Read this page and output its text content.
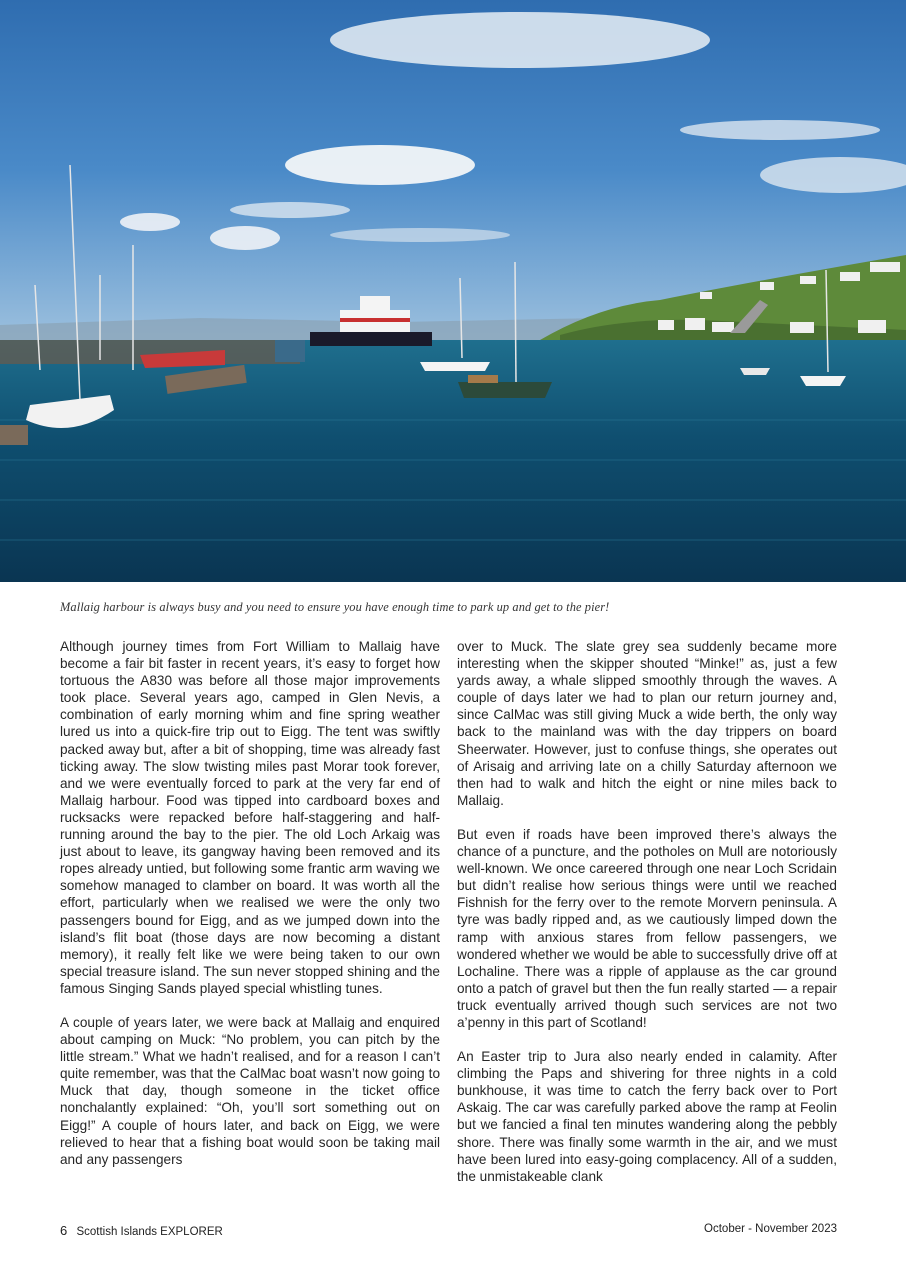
Mallaig harbour is always busy and you need to ensure you have enough time to park up and get to the pier!

Although journey times from Fort William to Mallaig have become a fair bit faster in recent years, it’s easy to forget how tortuous the A830 was before all those major improvements took place. Several years ago, camped in Glen Nevis, a combination of early morning whim and fine spring weather lured us into a quick-fire trip out to Eigg. The tent was swiftly packed away but, after a bit of shopping, time was already fast ticking away. The slow twisting miles past Morar took forever, and we were eventually forced to park at the very far end of Mallaig harbour. Food was tipped into cardboard boxes and rucksacks were repacked before half-staggering and half-running around the bay to the pier. The old Loch Arkaig was just about to leave, its gangway having been removed and its ropes already untied, but following some frantic arm waving we somehow managed to clamber on board. It was worth all the effort, particularly when we realised we were the only two passengers bound for Eigg, and as we jumped down into the island’s flit boat (those days are now becoming a distant memory), it really felt like we were being taken to our own special treasure island. The sun never stopped shining and the famous Singing Sands played special whistling tunes.

A couple of years later, we were back at Mallaig and enquired about camping on Muck: “No problem, you can pitch by the little stream.” What we hadn’t realised, and for a reason I can’t quite remember, was that the CalMac boat wasn’t now going to Muck that day, though someone in the ticket office nonchalantly explained: “Oh, you’ll sort something out on Eigg!” A couple of hours later, and back on Eigg, we were relieved to hear that a fishing boat would soon be taking mail and any passengers

over to Muck. The slate grey sea suddenly became more interesting when the skipper shouted “Minke!” as, just a few yards away, a whale slipped smoothly through the waves. A couple of days later we had to plan our return journey and, since CalMac was still giving Muck a wide berth, the only way back to the mainland was with the day trippers on board Sheerwater. However, just to confuse things, she operates out of Arisaig and arriving late on a chilly Saturday afternoon we then had to walk and hitch the eight or nine miles back to Mallaig.

But even if roads have been improved there’s always the chance of a puncture, and the potholes on Mull are notoriously well-known. We once careered through one near Loch Scridain but didn’t realise how serious things were until we reached Fishnish for the ferry over to the remote Morvern peninsula. A tyre was badly ripped and, as we cautiously limped down the ramp with anxious stares from fellow passengers, we wondered whether we would be able to successfully drive off at Lochaline. There was a ripple of applause as the car ground onto a patch of gravel but then the fun really started — a repair truck eventually arrived though such services are not two a’penny in this part of Scotland!

An Easter trip to Jura also nearly ended in calamity. After climbing the Paps and shivering for three nights in a cold bunkhouse, it was time to catch the ferry back over to Port Askaig. The car was carefully parked above the ramp at Feolin but we fancied a final ten minutes wandering along the pebbly shore. There was finally some warmth in the air, and we must have been lured into easy-going complacency. All of a sudden, the unmistakeable clank

6 Scottish Islands EXPLORER	October - November 2023
